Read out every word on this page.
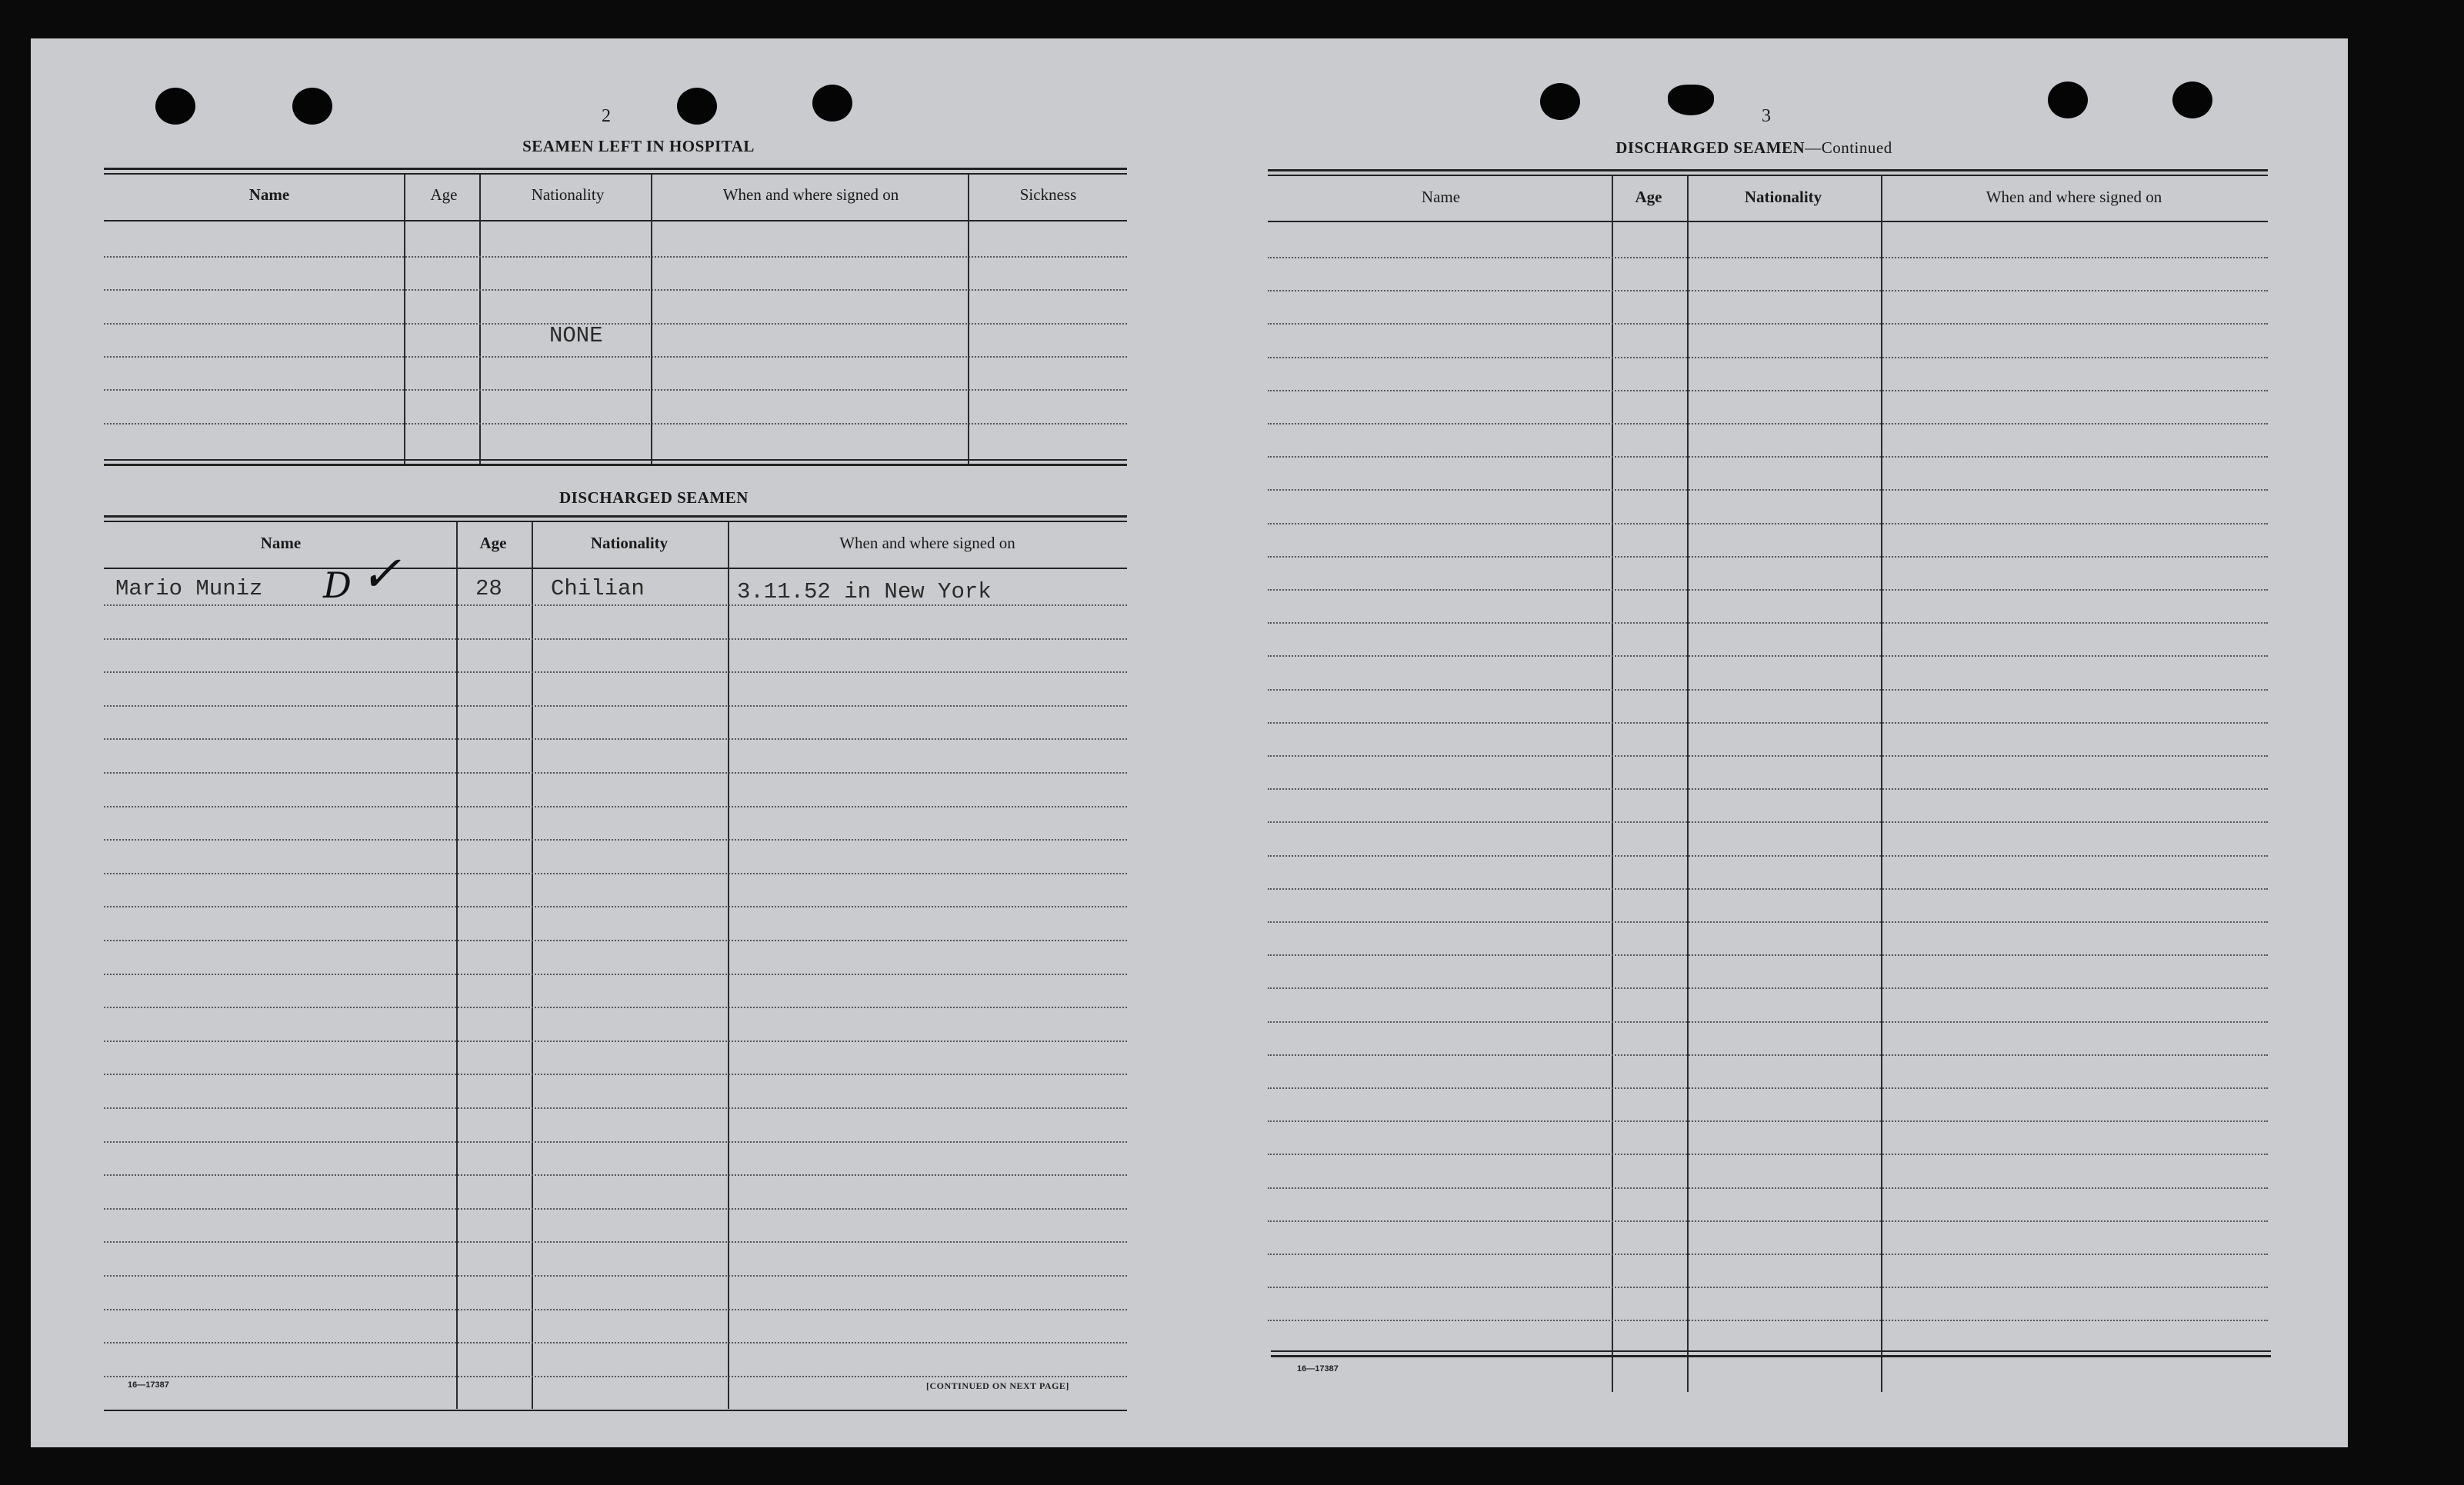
2
SEAMEN LEFT IN HOSPITAL
Name	Age	Nationality	When and where signed on	Sickness
NONE
DISCHARGED SEAMEN
Name	Age	Nationality	When and where signed on
Mario Muniz D ✓	28 Chilian	3.11.52 in New York
16—17387	[CONTINUED ON NEXT PAGE]
3
DISCHARGED SEAMEN—Continued
Name	Age	Nationality	When and where signed on
16—17387
